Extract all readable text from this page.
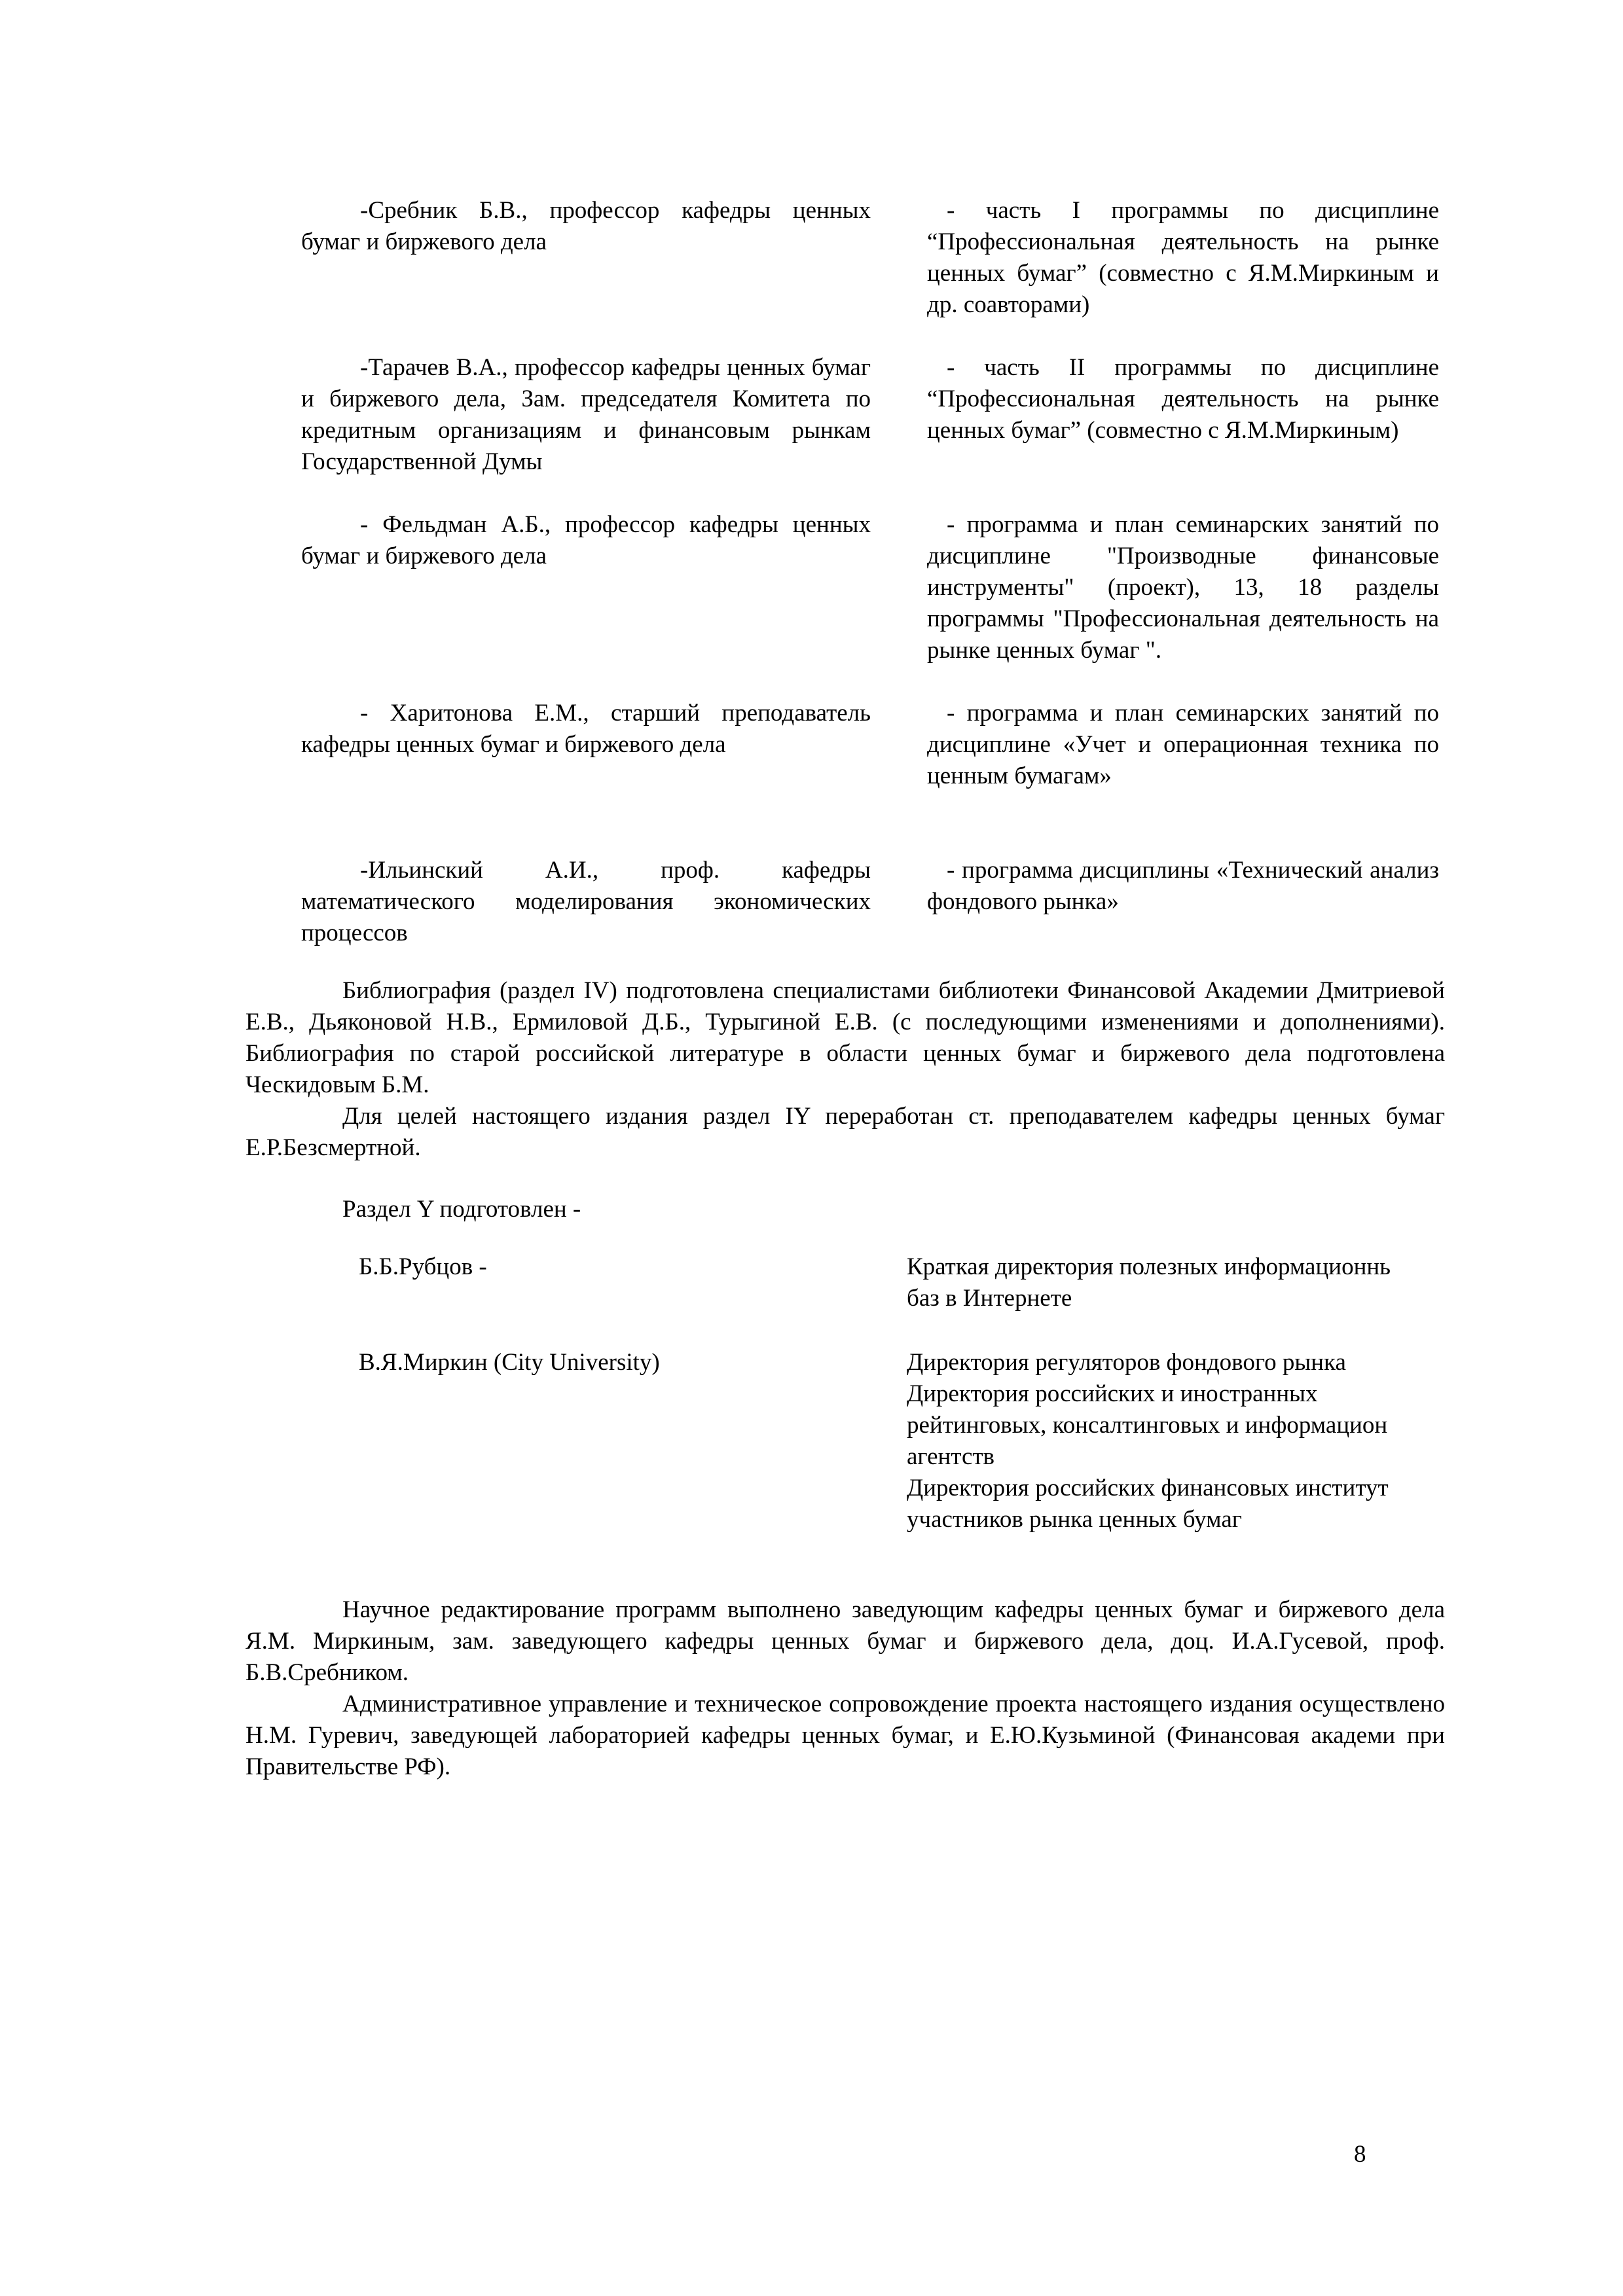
-Сребник Б.В., профессор кафедры ценных бумаг и биржевого дела
- часть I программы по дисциплине “Профессиональная деятельность на рынке ценных бумаг” (совместно с Я.М.Миркиным и др. соавторами)
-Тарачев В.А., профессор кафедры ценных бумаг и биржевого дела, Зам. председателя Комитета по кредитным организациям и финансовым рынкам Государственной Думы
- часть II программы по дисциплине “Профессиональная деятельность на рынке ценных бумаг” (совместно с Я.М.Миркиным)
- Фельдман А.Б., профессор кафедры ценных бумаг и биржевого дела
- программа и план семинарских занятий по дисциплине "Производные финансовые инструменты" (проект), 13, 18 разделы программы "Профессиональная деятельность на рынке ценных бумаг ".
- Харитонова Е.М., старший преподаватель кафедры ценных бумаг и биржевого дела
- программа и план семинарских занятий по дисциплине «Учет и операционная техника по ценным бумагам»
-Ильинский А.И., проф. кафедры математического моделирования экономических процессов
- программа дисциплины «Технический анализ фондового рынка»
Библиография (раздел IV) подготовлена специалистами библиотеки Финансовой Академии Дмитриевой Е.В., Дьяконовой Н.В., Ермиловой Д.Б., Турыгиной Е.В. (с последующими изменениями и дополнениями). Библиография по старой российской литературе в области ценных бумаг и биржевого дела подготовлена Ческидовым Б.М.
Для целей настоящего издания раздел IY переработан ст. преподавателем кафедры ценных бумаг Е.Р.Безсмертной.
Раздел Y подготовлен -
Б.Б.Рубцов -	Краткая директория полезных информационнь
баз в Интернете
В.Я.Миркин (City University)	Директория регуляторов фондового рынка
Директория российских и иностранных
рейтинговых, консалтинговых и информацион
агентств
Директория российских финансовых институт
участников рынка ценных бумаг
Научное редактирование программ выполнено заведующим кафедры ценных бумаг и биржевого дела Я.М. Миркиным, зам. заведующего кафедры ценных бумаг и биржевого дела, доц. И.А.Гусевой, проф. Б.В.Сребником.
Административное управление и техническое сопровождение проекта настоящего издания осуществлено Н.М. Гуревич, заведующей лабораторией кафедры ценных бумаг, и Е.Ю.Кузьминой (Финансовая академи при Правительстве РФ).
8
